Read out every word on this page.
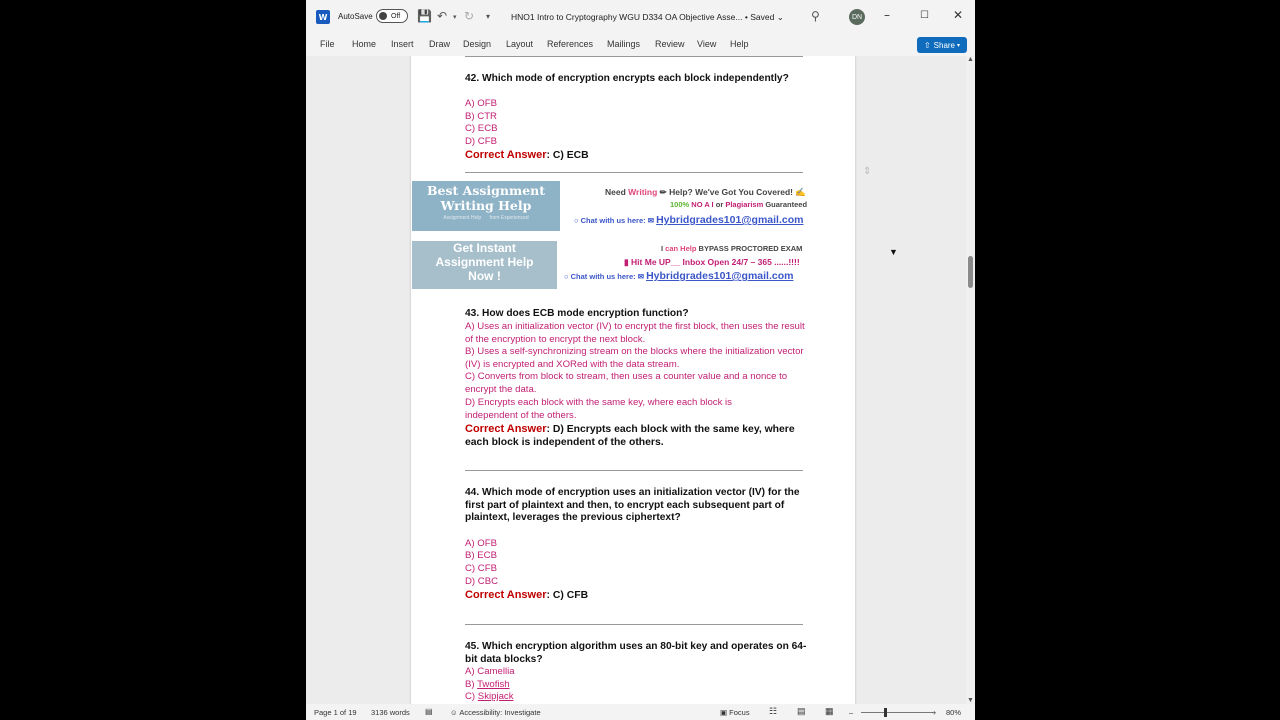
W	AutoSave	Off 💾 ↶ ▾ ↻ ▾ HNO1 Intro to Cryptography WGU D334 OA Objective Asse... • Saved ⌄ ⚲	DN –	☐ ✕
File Home Insert Draw Design Layout References Mailings Review View Help	⇧ Share ▾
42. Which mode of encryption encrypts each block independently?
A) OFB
B) CTR
C) ECB
D) CFB
Correct Answer: C) ECB
Best Assignment Writing Help
Assignment Help from Experienced
Need Writing ✏ Help? We've Got You Covered! ✍
100% NO A I or Plagiarism Guaranteed
○ Chat with us here: ✉ Hybridgrades101@gmail.com
Get Instant
Assignment Help
Now !
I can Help BYPASS PROCTORED EXAM
▮ Hit Me UP__ Inbox Open 24/7 – 365 ......!!!!
○ Chat with us here: ✉ Hybridgrades101@gmail.com
43. How does ECB mode encryption function?
A) Uses an initialization vector (IV) to encrypt the first block, then uses the result of the encryption to encrypt the next block.
B) Uses a self-synchronizing stream on the blocks where the initialization vector (IV) is encrypted and XORed with the data stream.
C) Converts from block to stream, then uses a counter value and a nonce to encrypt the data.
D) Encrypts each block with the same key, where each block is independent of the others.
Correct Answer: D) Encrypts each block with the same key, where each block is independent of the others.
44. Which mode of encryption uses an initialization vector (IV) for the first part of plaintext and then, to encrypt each subsequent part of plaintext, leverages the previous ciphertext?
A) OFB
B) ECB
C) CFB
D) CBC
Correct Answer: C) CFB
45. Which encryption algorithm uses an 80-bit key and operates on 64-bit data blocks?
A) Camellia
B) Twofish
C) Skipjack
⇕
▼
▲
▼
Page 1 of 19 3136 words ▤ ☺ Accessibility: Investigate	▣ Focus ☷ ▤ ▦ –	+ 80%
